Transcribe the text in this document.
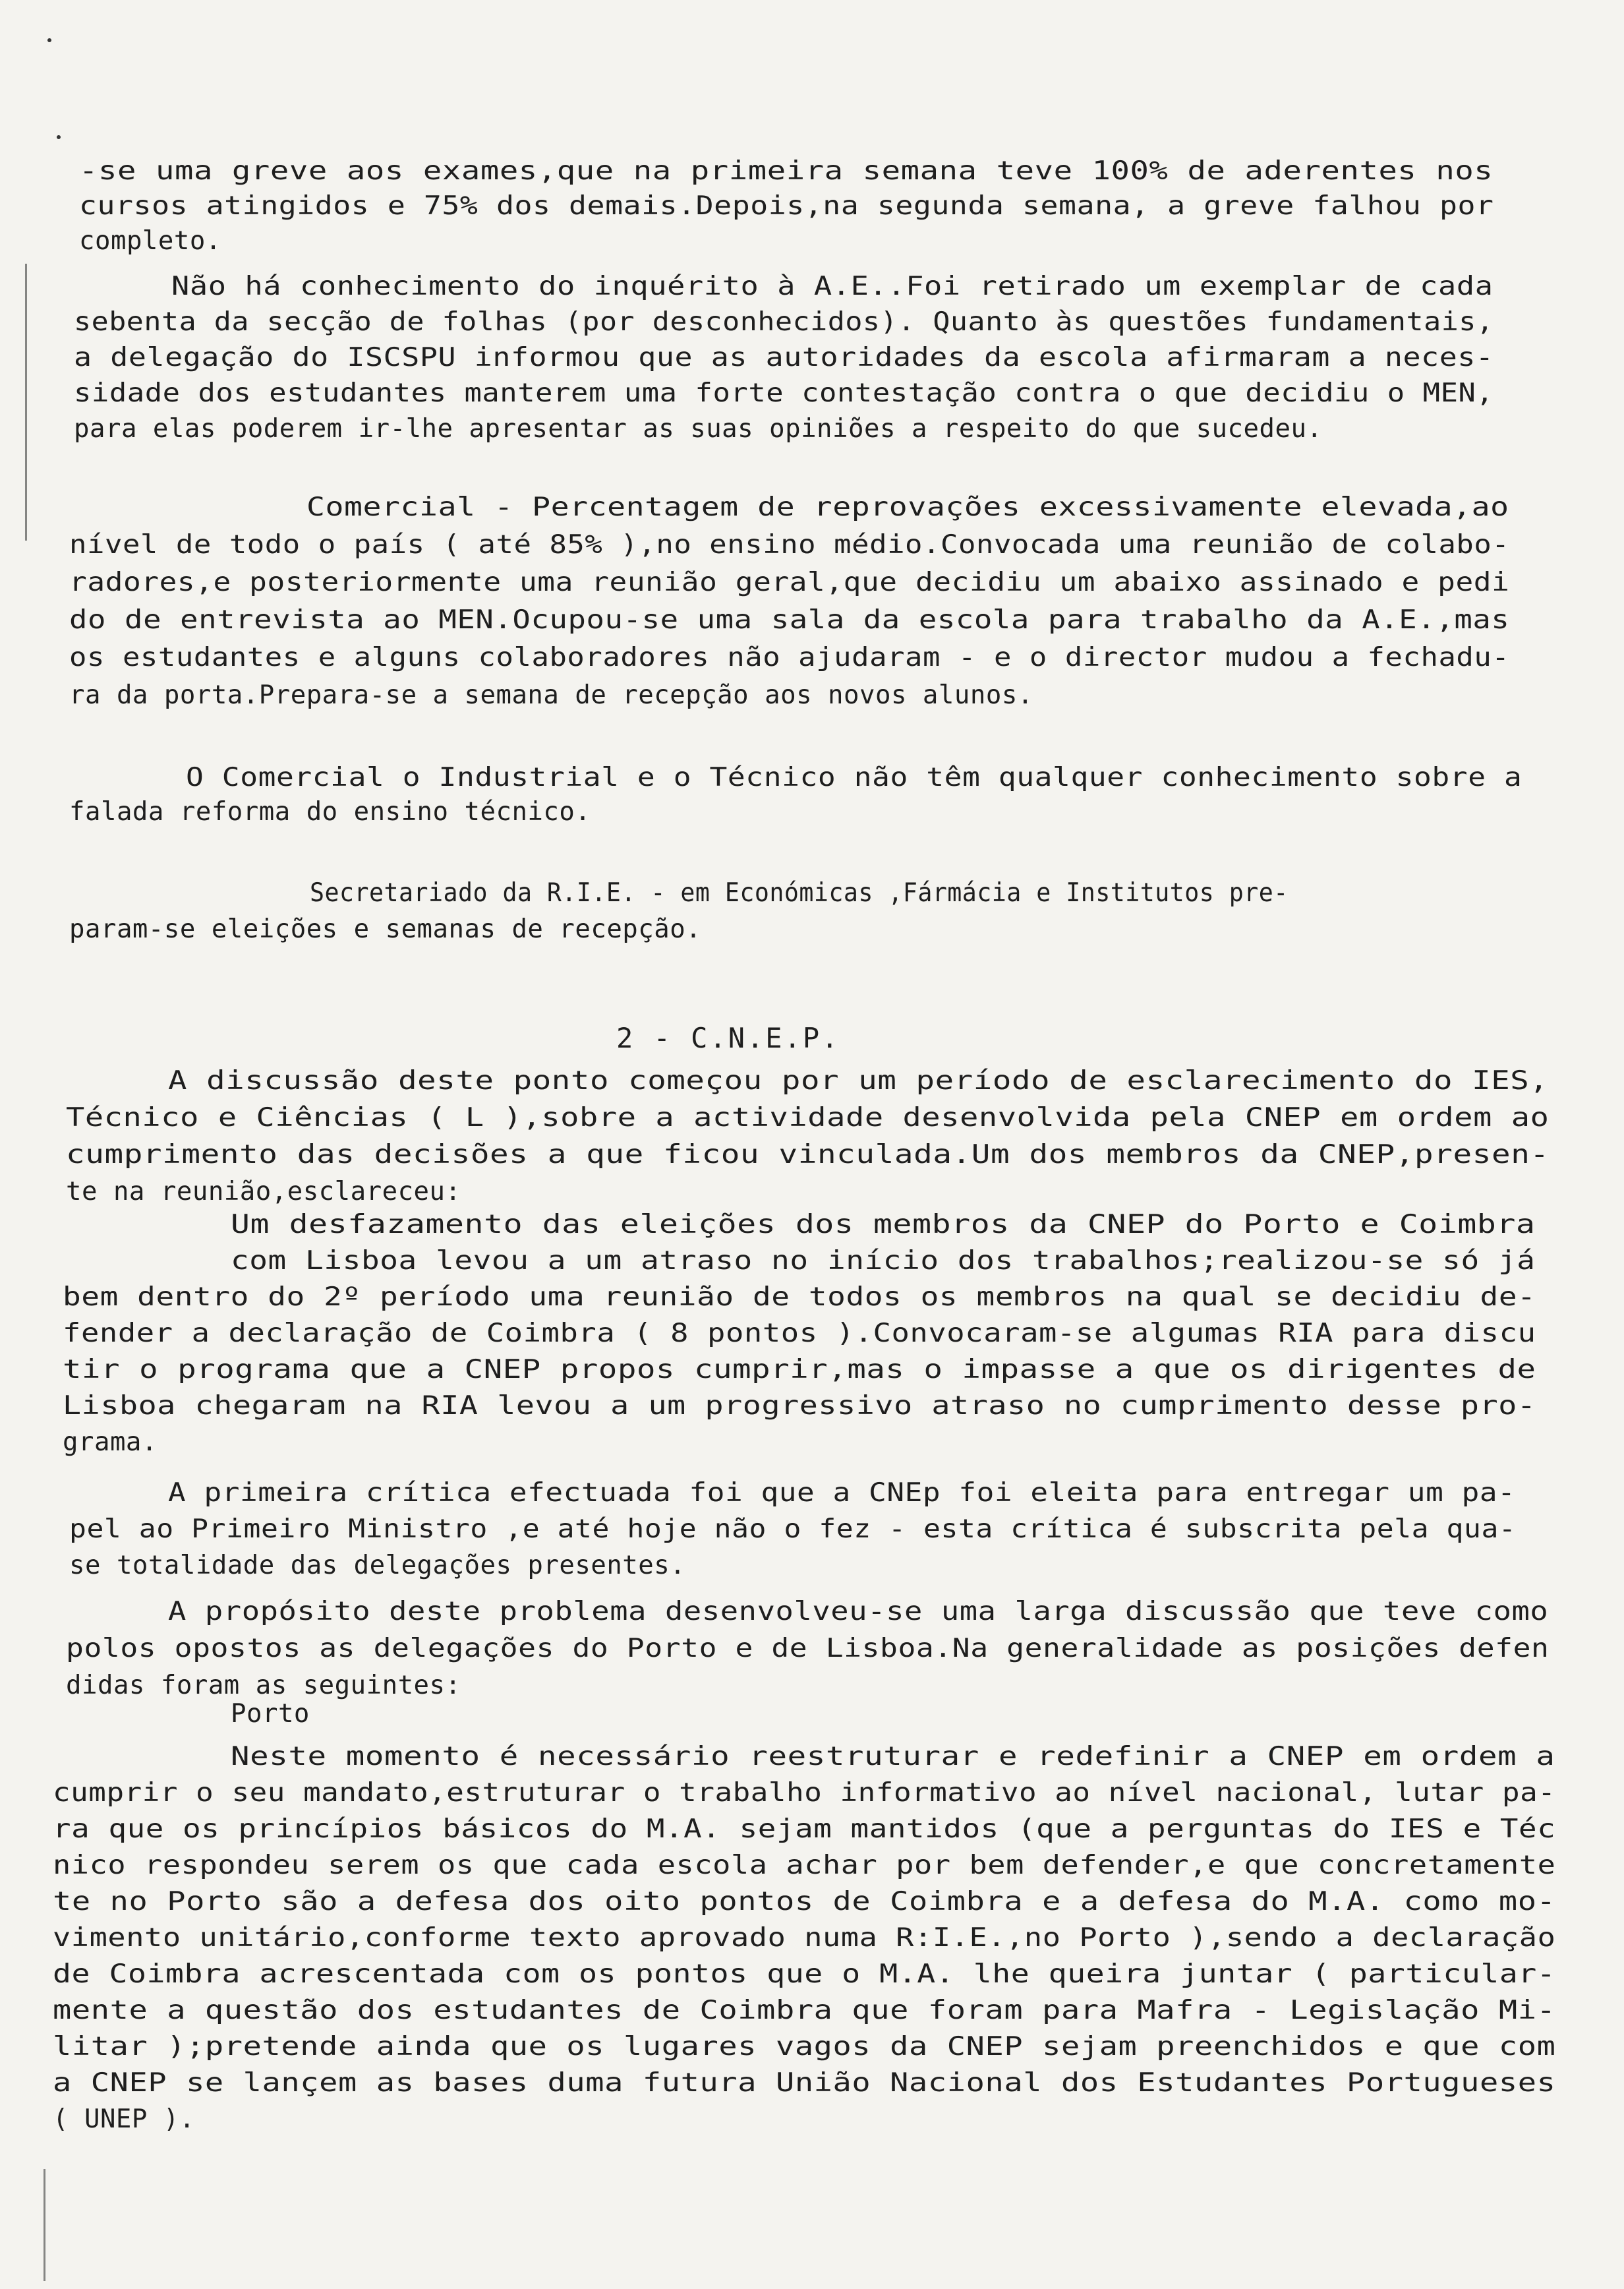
-se uma greve aos exames,que na primeira semana teve 100% de aderentes nos
cursos atingidos e 75% dos demais.Depois,na segunda semana, a greve falhou por
completo.
Não há conhecimento do inquérito à A.E..Foi retirado um exemplar de cada
sebenta da secção de folhas (por desconhecidos). Quanto às questões fundamentais,
a delegação do ISCSPU informou que as autoridades da escola afirmaram a neces-
sidade dos estudantes manterem uma forte contestação contra o que decidiu o MEN,
para elas poderem ir-lhe apresentar as suas opiniões a respeito do que sucedeu.
Comercial - Percentagem de reprovações excessivamente elevada,ao
nível de todo o país ( até 85% ),no ensino médio.Convocada uma reunião de colabo-
radores,e posteriormente uma reunião geral,que decidiu um abaixo assinado e pedi
do de entrevista ao MEN.Ocupou-se uma sala da escola para trabalho da A.E.,mas
os estudantes e alguns colaboradores não ajudaram - e o director mudou a fechadu-
ra da porta.Prepara-se a semana de recepção aos novos alunos.
O Comercial o Industrial e o Técnico não têm qualquer conhecimento sobre a
falada reforma do ensino técnico.
Secretariado da R.I.E. - em Económicas ,Fármácia e Institutos pre-
param-se eleições e semanas de recepção.
2 - C.N.E.P.
A discussão deste ponto começou por um período de esclarecimento do IES,
Técnico e Ciências ( L ),sobre a actividade desenvolvida pela CNEP em ordem ao
cumprimento das decisões a que ficou vinculada.Um dos membros da CNEP,presen-
te na reunião,esclareceu:
Um desfazamento das eleições dos membros da CNEP do Porto e Coimbra
com Lisboa levou a um atraso no início dos trabalhos;realizou-se só já
bem dentro do 2º período uma reunião de todos os membros na qual se decidiu de-
fender a declaração de Coimbra ( 8 pontos ).Convocaram-se algumas RIA para discu
tir o programa que a CNEP propos cumprir,mas o impasse a que os dirigentes de
Lisboa chegaram na RIA levou a um progressivo atraso no cumprimento desse pro-
grama.
A primeira crítica efectuada foi que a CNEp foi eleita para entregar um pa-
pel ao Primeiro Ministro ,e até hoje não o fez - esta crítica é subscrita pela qua-
se totalidade das delegações presentes.
A propósito deste problema desenvolveu-se uma larga discussão que teve como
polos opostos as delegações do Porto e de Lisboa.Na generalidade as posições defen
didas foram as seguintes:
Porto
Neste momento é necessário reestruturar e redefinir a CNEP em ordem a
cumprir o seu mandato,estruturar o trabalho informativo ao nível nacional, lutar pa-
ra que os princípios básicos do M.A. sejam mantidos (que a perguntas do IES e Téc
nico respondeu serem os que cada escola achar por bem defender,e que concretamente
te no Porto são a defesa dos oito pontos de Coimbra e a defesa do M.A. como mo-
vimento unitário,conforme texto aprovado numa R:I.E.,no Porto ),sendo a declaração
de Coimbra acrescentada com os pontos que o M.A. lhe queira juntar ( particular-
mente a questão dos estudantes de Coimbra que foram para Mafra - Legislação Mi-
litar );pretende ainda que os lugares vagos da CNEP sejam preenchidos e que com
a CNEP se lançem as bases duma futura União Nacional dos Estudantes Portugueses
( UNEP ).
